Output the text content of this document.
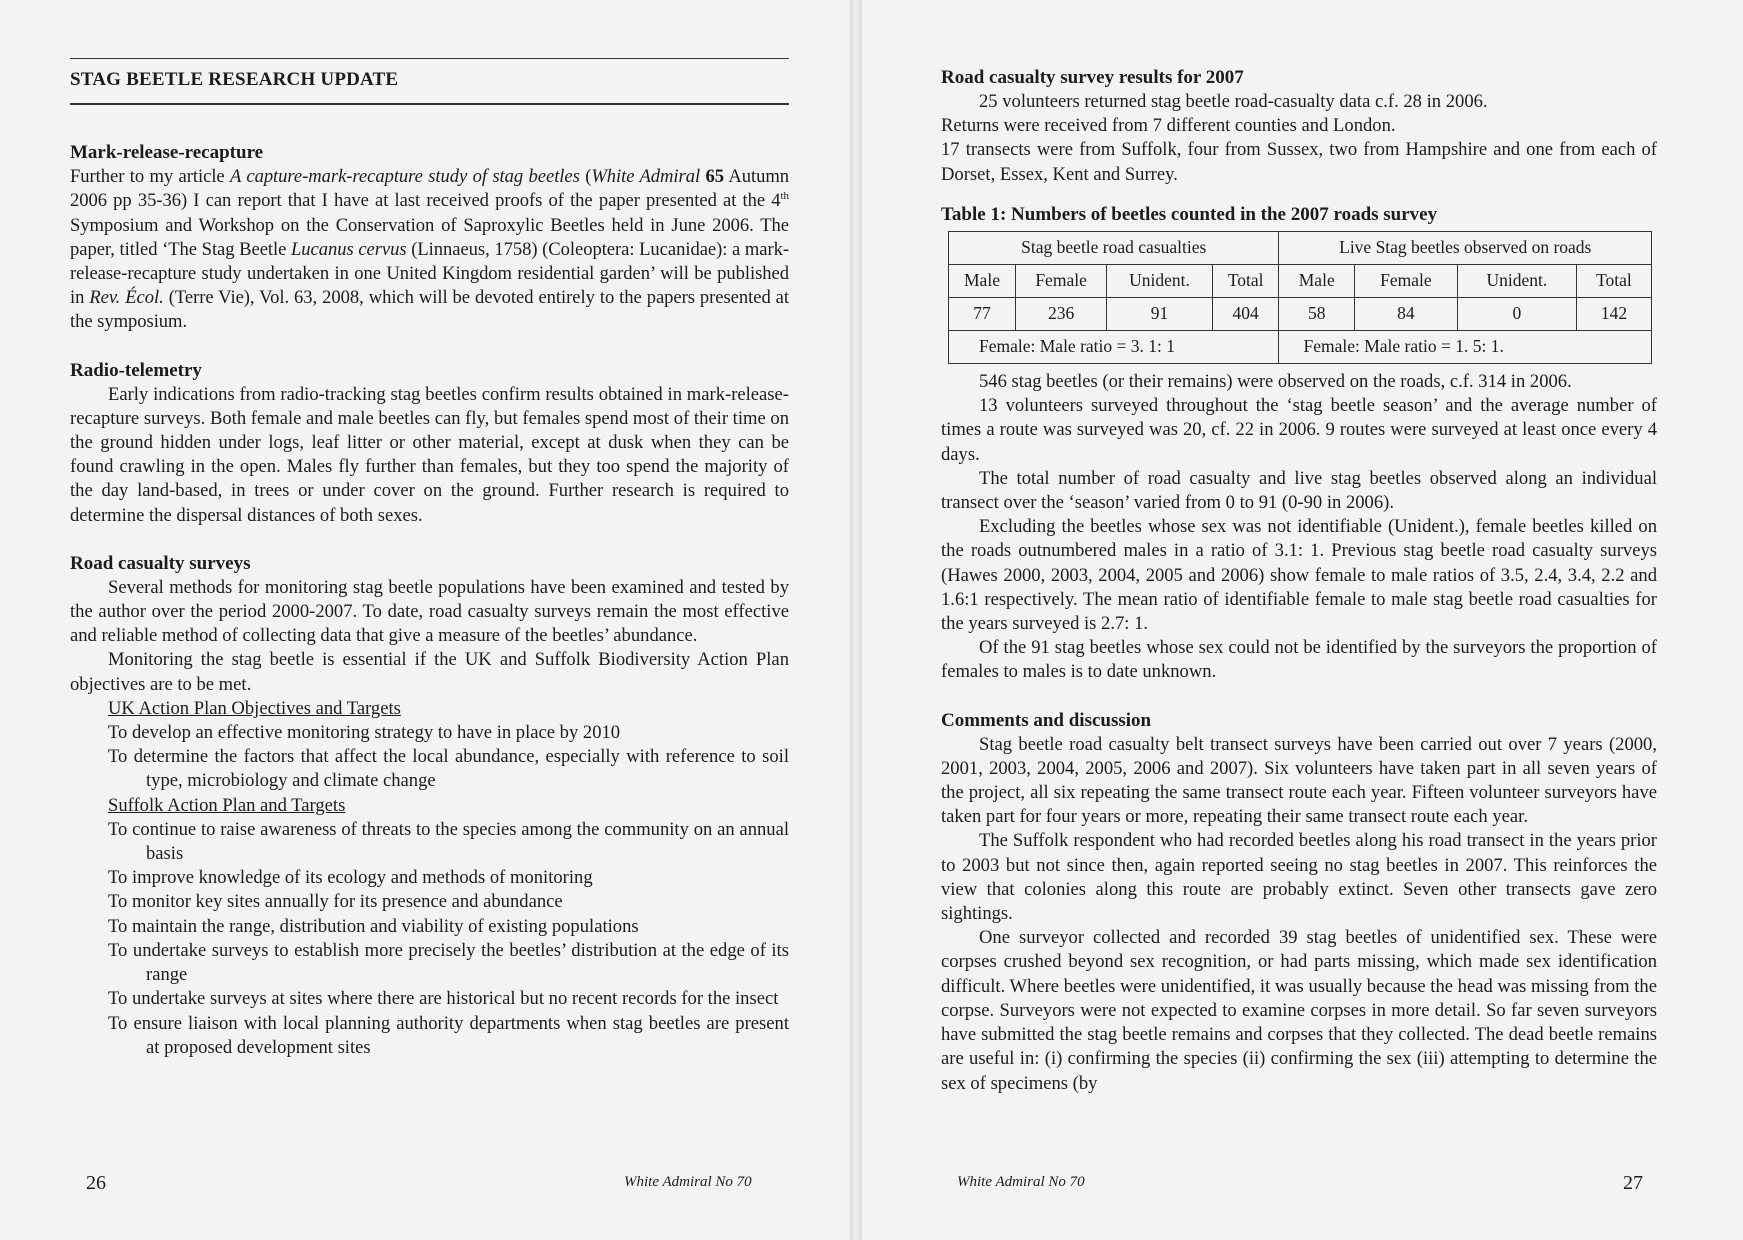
STAG BEETLE RESEARCH UPDATE
Mark-release-recapture

Further to my article A capture-mark-recapture study of stag beetles (White Admiral 65 Autumn 2006 pp 35-36) I can report that I have at last received proofs of the paper presented at the 4th Symposium and Workshop on the Conservation of Saproxylic Beetles held in June 2006. The paper, titled ‘The Stag Beetle Lucanus cervus (Linnaeus, 1758) (Coleoptera: Lucanidae): a mark-release-recapture study undertaken in one United Kingdom residential garden’ will be published in Rev. Écol. (Terre Vie), Vol. 63, 2008, which will be devoted entirely to the papers presented at the symposium.

Radio-telemetry

Early indications from radio-tracking stag beetles confirm results obtained in mark-release-recapture surveys. Both female and male beetles can fly, but females spend most of their time on the ground hidden under logs, leaf litter or other material, except at dusk when they can be found crawling in the open. Males fly further than females, but they too spend the majority of the day land-based, in trees or under cover on the ground. Further research is required to determine the dispersal distances of both sexes.

Road casualty surveys

Several methods for monitoring stag beetle populations have been examined and tested by the author over the period 2000-2007. To date, road casualty surveys remain the most effective and reliable method of collecting data that give a measure of the beetles’ abundance.

Monitoring the stag beetle is essential if the UK and Suffolk Biodiversity Action Plan objectives are to be met.

UK Action Plan Objectives and Targets
To develop an effective monitoring strategy to have in place by 2010
To determine the factors that affect the local abundance, especially with reference to soil type, microbiology and climate change
Suffolk Action Plan and Targets
To continue to raise awareness of threats to the species among the community on an annual basis
To improve knowledge of its ecology and methods of monitoring
To monitor key sites annually for its presence and abundance
To maintain the range, distribution and viability of existing populations
To undertake surveys to establish more precisely the beetles’ distribution at the edge of its range
To undertake surveys at sites where there are historical but no recent records for the insect
To ensure liaison with local planning authority departments when stag beetles are present at proposed development sites
26	White Admiral No 70
Road casualty survey results for 2007

25 volunteers returned stag beetle road-casualty data c.f. 28 in 2006.

Returns were received from 7 different counties and London.

17 transects were from Suffolk, four from Sussex, two from Hampshire and one from each of Dorset, Essex, Kent and Surrey.

Table 1: Numbers of beetles counted in the 2007 roads survey
Stag beetle road casualties				Live Stag beetles observed on roads			
Male	Female	Unident.	Total	Male	Female	Unident.	Total
77	236	91	404	58	84	0	142
Female: Male ratio = 3. 1: 1				Female: Male ratio = 1. 5: 1.			

546 stag beetles (or their remains) were observed on the roads, c.f. 314 in 2006.

13 volunteers surveyed throughout the ‘stag beetle season’ and the average number of times a route was surveyed was 20, cf. 22 in 2006. 9 routes were surveyed at least once every 4 days.

The total number of road casualty and live stag beetles observed along an individual transect over the ‘season’ varied from 0 to 91 (0-90 in 2006).

Excluding the beetles whose sex was not identifiable (Unident.), female beetles killed on the roads outnumbered males in a ratio of 3.1: 1. Previous stag beetle road casualty surveys (Hawes 2000, 2003, 2004, 2005 and 2006) show female to male ratios of 3.5, 2.4, 3.4, 2.2 and 1.6:1 respectively. The mean ratio of identifiable female to male stag beetle road casualties for the years surveyed is 2.7: 1.

Of the 91 stag beetles whose sex could not be identified by the surveyors the proportion of females to males is to date unknown.

Comments and discussion

Stag beetle road casualty belt transect surveys have been carried out over 7 years (2000, 2001, 2003, 2004, 2005, 2006 and 2007). Six volunteers have taken part in all seven years of the project, all six repeating the same transect route each year. Fifteen volunteer surveyors have taken part for four years or more, repeating their same transect route each year.

The Suffolk respondent who had recorded beetles along his road transect in the years prior to 2003 but not since then, again reported seeing no stag beetles in 2007. This reinforces the view that colonies along this route are probably extinct. Seven other transects gave zero sightings.

One surveyor collected and recorded 39 stag beetles of unidentified sex. These were corpses crushed beyond sex recognition, or had parts missing, which made sex identification difficult. Where beetles were unidentified, it was usually because the head was missing from the corpse. Surveyors were not expected to examine corpses in more detail. So far seven surveyors have submitted the stag beetle remains and corpses that they collected. The dead beetle remains are useful in: (i) confirming the species (ii) confirming the sex (iii) attempting to determine the sex of specimens (by

White Admiral No 70	27
